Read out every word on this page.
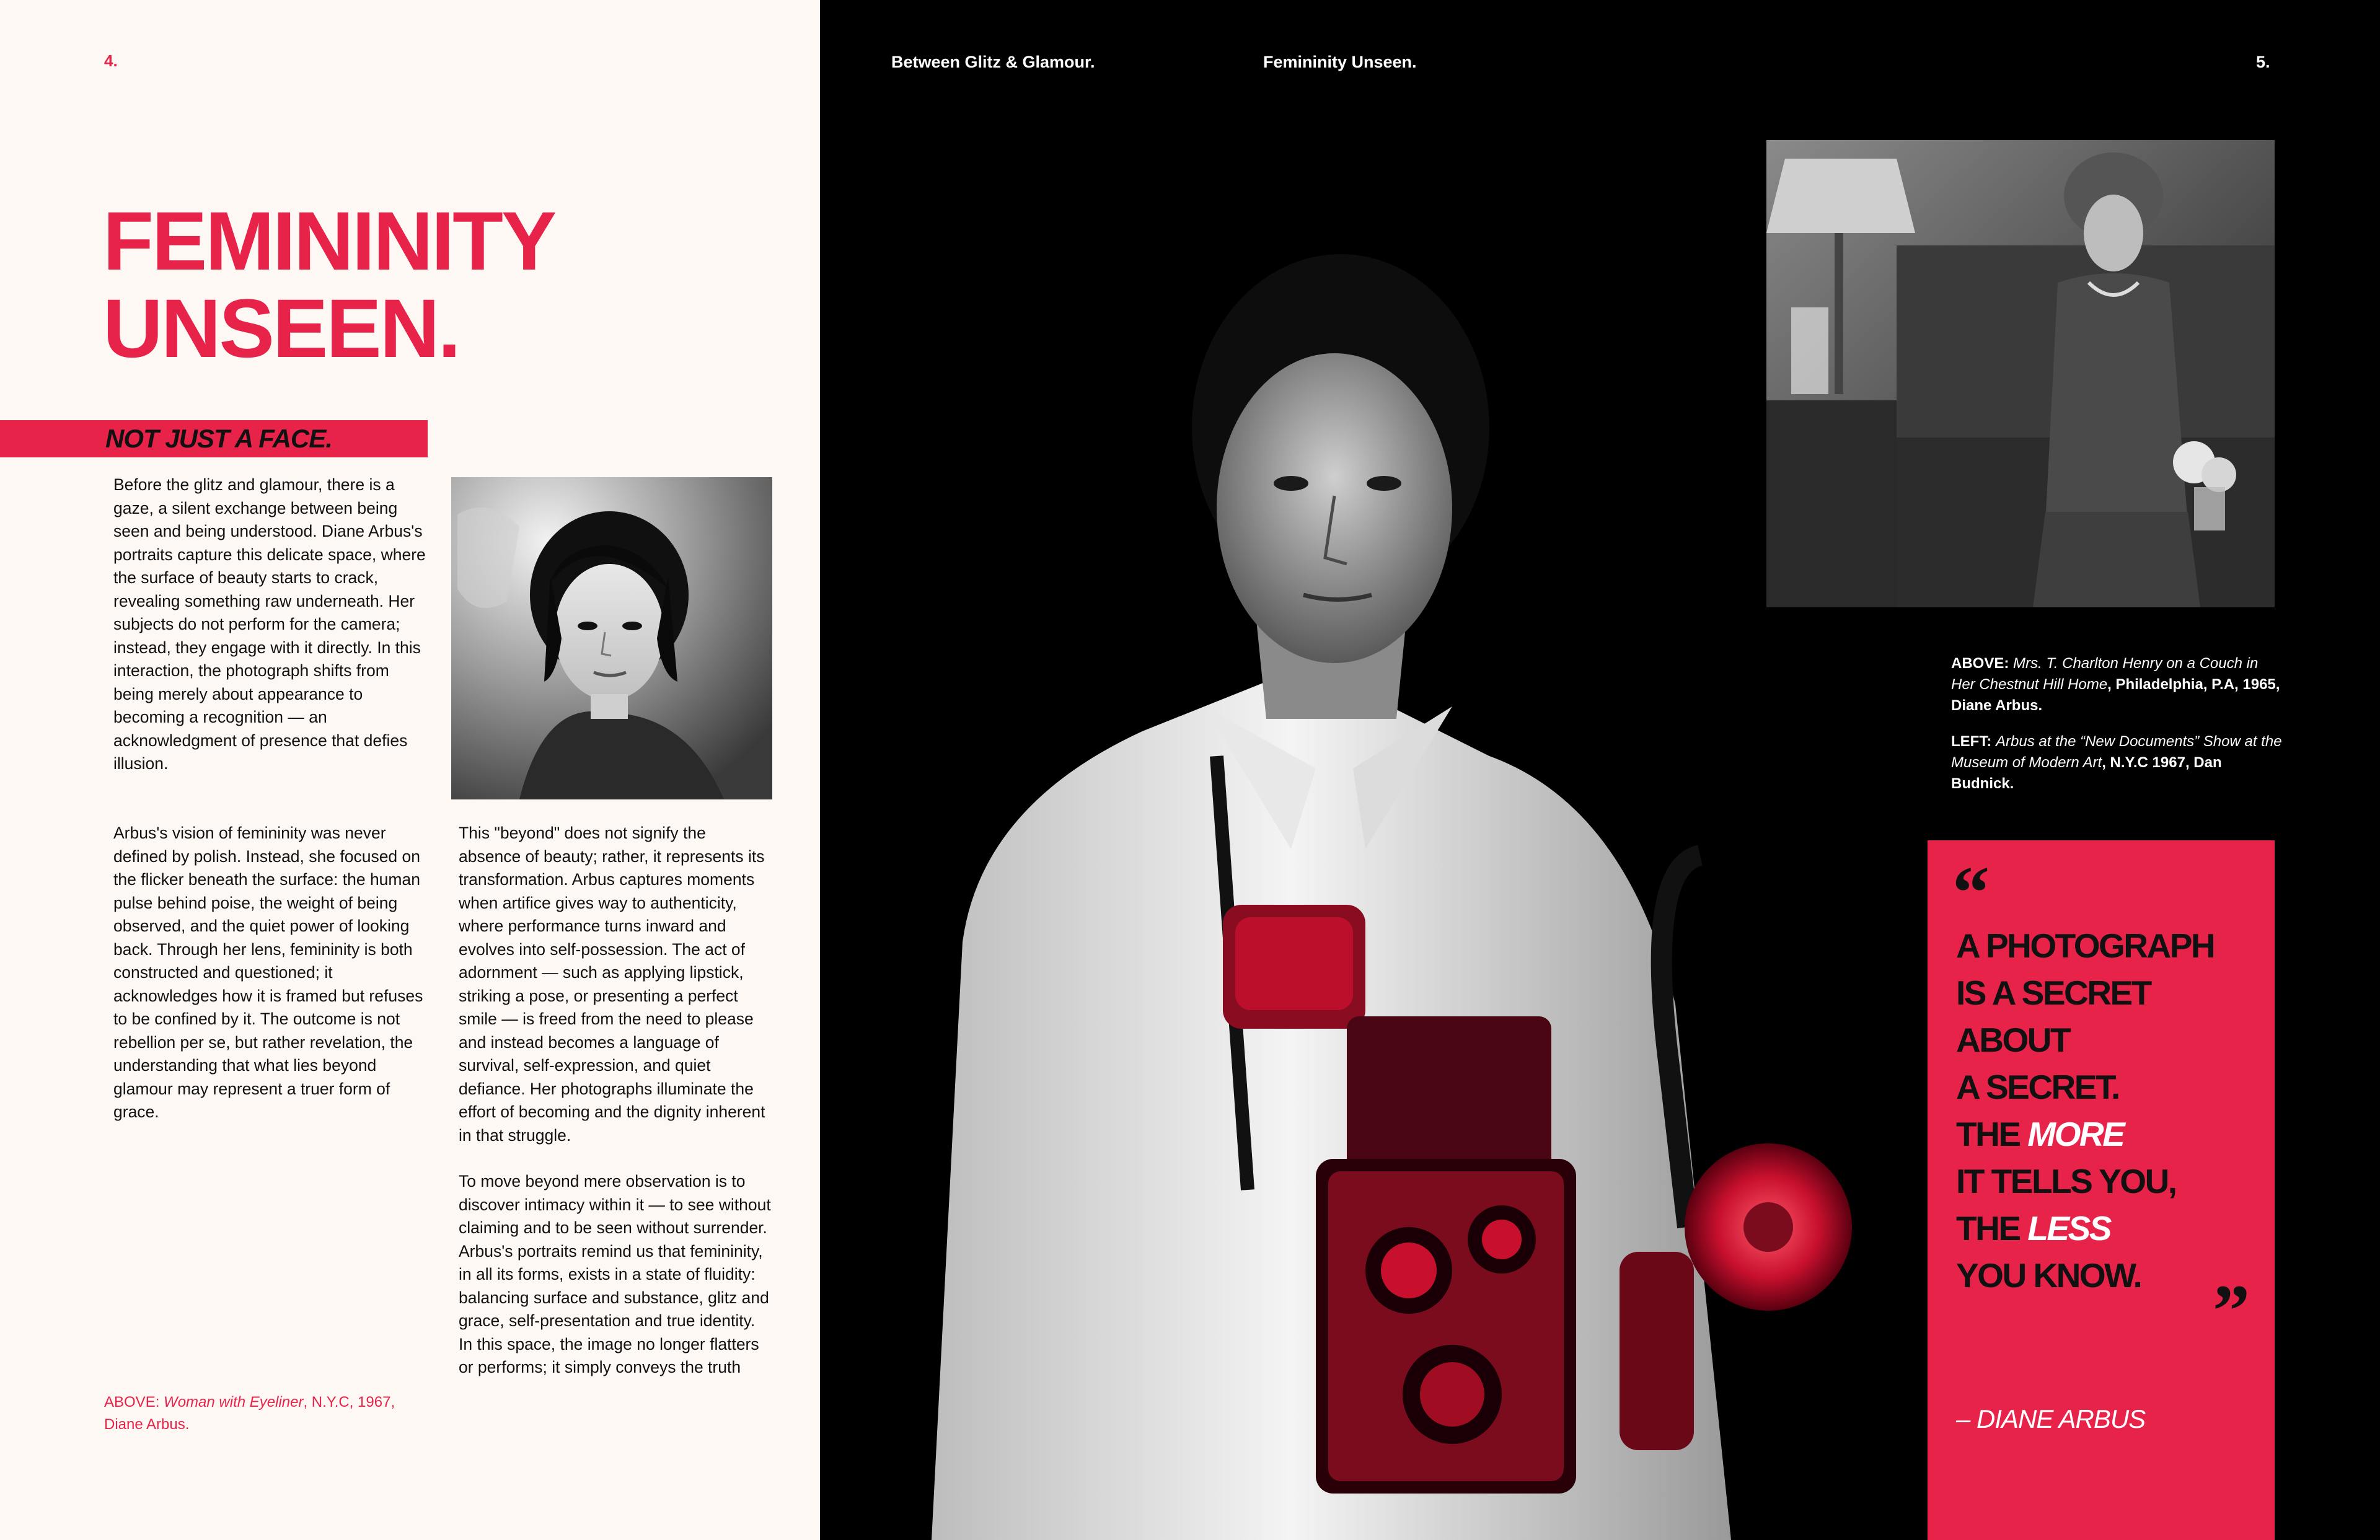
4.
FEMININITY
UNSEEN.
NOT JUST A FACE.

Before the glitz and glamour, there is a gaze, a silent exchange between being seen and being understood. Diane Arbus's portraits capture this delicate space, where the surface of beauty starts to crack, revealing something raw underneath. Her subjects do not perform for the camera; instead, they engage with it directly. In this interaction, the photograph shifts from being merely about appearance to becoming a recognition — an acknowledgment of presence that defies illusion.

Arbus's vision of femininity was never defined by polish. Instead, she focused on the flicker beneath the surface: the human pulse behind poise, the weight of being observed, and the quiet power of looking back. Through her lens, femininity is both constructed and questioned; it acknowledges how it is framed but refuses to be confined by it. The outcome is not rebellion per se, but rather revelation, the understanding that what lies beyond glamour may represent a truer form of grace.

This "beyond" does not signify the absence of beauty; rather, it represents its transformation. Arbus captures moments when artifice gives way to authenticity, where performance turns inward and evolves into self-possession. The act of adornment — such as applying lipstick, striking a pose, or presenting a perfect smile — is freed from the need to please and instead becomes a language of survival, self-expression, and quiet defiance. Her photographs illuminate the effort of becoming and the dignity inherent in that struggle.

To move beyond mere observation is to discover intimacy within it — to see without claiming and to be seen without surrender. Arbus's portraits remind us that femininity, in all its forms, exists in a state of fluidity: balancing surface and substance, glitz and grace, self-presentation and true identity. In this space, the image no longer flatters or performs; it simply conveys the truth

ABOVE: Woman with Eyeliner, N.Y.C, 1967, Diane Arbus.
Between Glitz & Glamour.	Femininity Unseen.	5.

ABOVE: Mrs. T. Charlton Henry on a Couch in Her Chestnut Hill Home, Philadelphia, P.A, 1965, Diane Arbus.

LEFT: Arbus at the “New Documents” Show at the Museum of Modern Art, N.Y.C 1967, Dan Budnick.

“
A PHOTOGRAPH
IS A SECRET
ABOUT
A SECRET.
THE MORE
IT TELLS YOU,
THE LESS
YOU KNOW. ”
– DIANE ARBUS
